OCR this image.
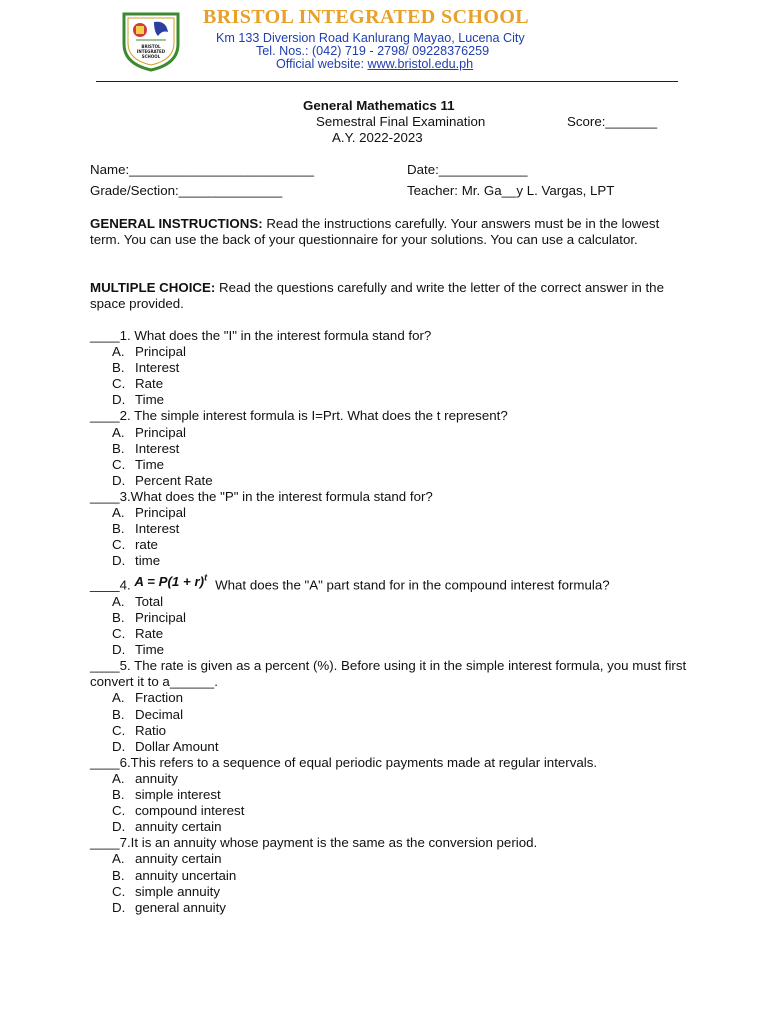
BRISTOL
INTEGRATED
SCHOOL
BRISTOL INTEGRATED SCHOOL
Km 133 Diversion Road Kanlurang Mayao, Lucena City
Tel. Nos.: (042) 719 - 2798/ 09228376259
Official website: www.bristol.edu.ph
General Mathematics 11
Semestral Final Examination	Score:_______
A.Y. 2022-2023
Name:_________________________	Date:____________
Grade/Section:______________	Teacher: Mr. Ga__y L. Vargas, LPT
GENERAL INSTRUCTIONS: Read the instructions carefully. Your answers must be in the lowest term. You can use the back of your questionnaire for your solutions. You can use a calculator.
MULTIPLE CHOICE: Read the questions carefully and write the letter of the correct answer in the space provided.
____1. What does the "I" in the interest formula stand for?
A. Principal
B. Interest
C. Rate
D. Time
____2. The simple interest formula is I=Prt. What does the t represent?
A. Principal
B. Interest
C. Time
D. Percent Rate
____3.What does the "P" in the interest formula stand for?
A. Principal
B. Interest
C. rate
D. time
____4. $A = P(1 + r)^tWhat$ does the "A" part stand for in the compound interest formula?
A. Total
B. Principal
C. Rate
D. Time
____5. The rate is given as a percent (%). Before using it in the simple interest formula, you must first convert it to a______.
A. Fraction
B. Decimal
C. Ratio
D. Dollar Amount
____6.This refers to a sequence of equal periodic payments made at regular intervals.
A. annuity
B. simple interest
C. compound interest
D. annuity certain
____7.It is an annuity whose payment is the same as the conversion period.
A. annuity certain
B. annuity uncertain
C. simple annuity
D. general annuity
